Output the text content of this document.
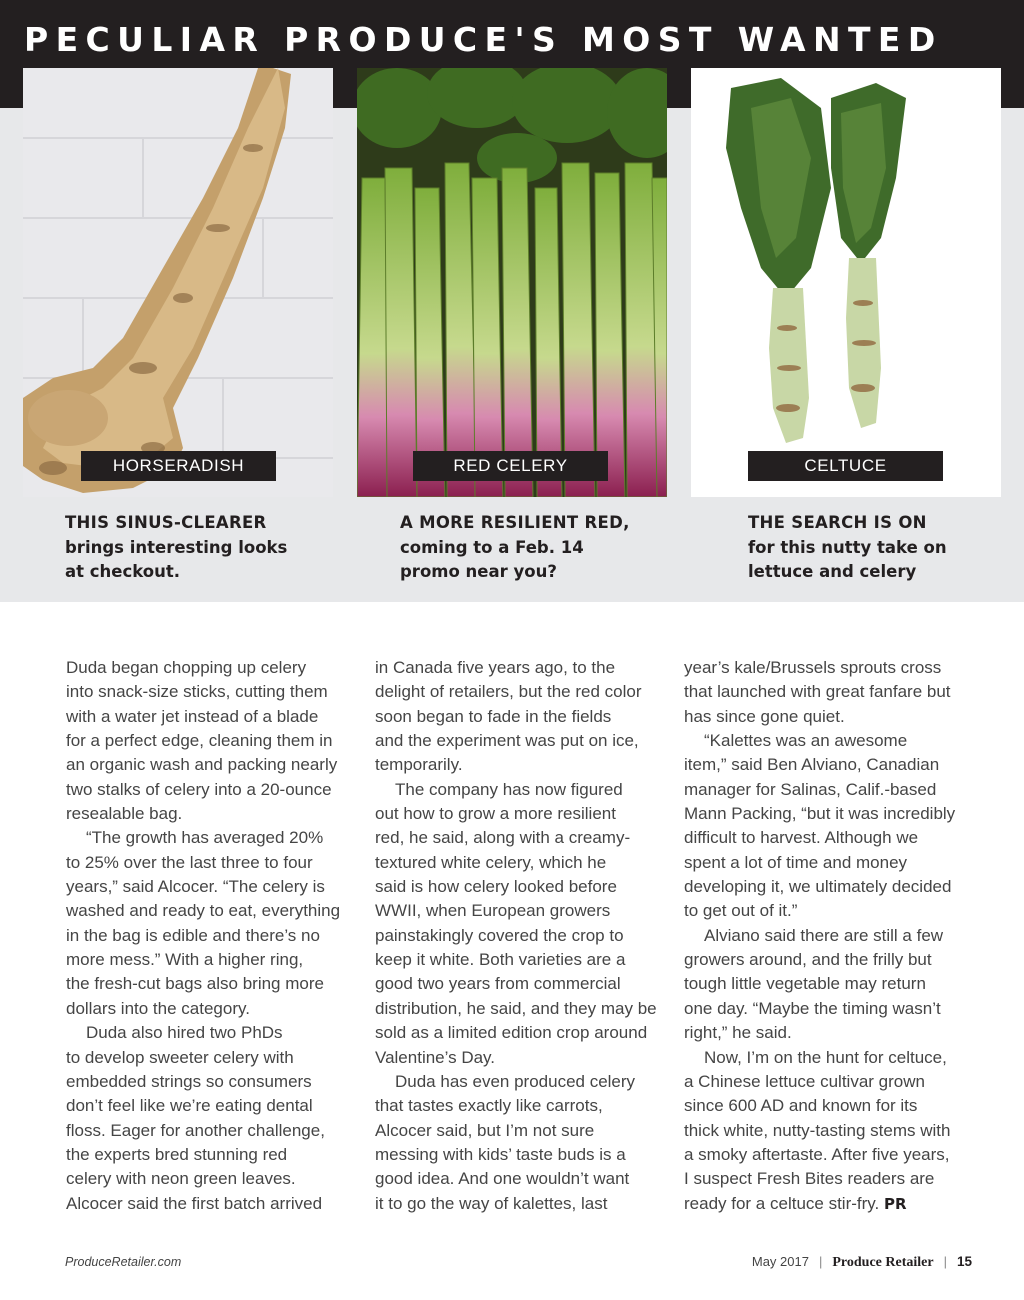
PECULIAR PRODUCE'S MOST WANTED
HORSERADISH	RED CELERY	CELTUCE
THIS SINUS-CLEARER
brings interesting looks
at checkout.
A MORE RESILIENT RED,
coming to a Feb. 14
promo near you?
THE SEARCH IS ON
for this nutty take on
lettuce and celery
Duda began chopping up celery
into snack-size sticks, cutting them
with a water jet instead of a blade
for a perfect edge, cleaning them in
an organic wash and packing nearly
two stalks of celery into a 20-ounce
resealable bag.
“The growth has averaged 20%
to 25% over the last three to four
years,” said Alcocer. “The celery is
washed and ready to eat, everything
in the bag is edible and there’s no
more mess.” With a higher ring,
the fresh-cut bags also bring more
dollars into the category.
Duda also hired two PhDs
to develop sweeter celery with
embedded strings so consumers
don’t feel like we’re eating dental
floss. Eager for another challenge,
the experts bred stunning red
celery with neon green leaves.
Alcocer said the first batch arrived
in Canada five years ago, to the
delight of retailers, but the red color
soon began to fade in the fields
and the experiment was put on ice,
temporarily.
The company has now figured
out how to grow a more resilient
red, he said, along with a creamy-
textured white celery, which he
said is how celery looked before
WWII, when European growers
painstakingly covered the crop to
keep it white. Both varieties are a
good two years from commercial
distribution, he said, and they may be
sold as a limited edition crop around
Valentine’s Day.
Duda has even produced celery
that tastes exactly like carrots,
Alcocer said, but I’m not sure
messing with kids’ taste buds is a
good idea. And one wouldn’t want
it to go the way of kalettes, last
year’s kale/Brussels sprouts cross
that launched with great fanfare but
has since gone quiet.
“Kalettes was an awesome
item,” said Ben Alviano, Canadian
manager for Salinas, Calif.-based
Mann Packing, “but it was incredibly
difficult to harvest. Although we
spent a lot of time and money
developing it, we ultimately decided
to get out of it.”
Alviano said there are still a few
growers around, and the frilly but
tough little vegetable may return
one day. “Maybe the timing wasn’t
right,” he said.
Now, I’m on the hunt for celtuce,
a Chinese lettuce cultivar grown
since 600 AD and known for its
thick white, nutty-tasting stems with
a smoky aftertaste. After five years,
I suspect Fresh Bites readers are
ready for a celtuce stir-fry. PR
ProduceRetailer.com	May 2017 | Produce Retailer | 15
